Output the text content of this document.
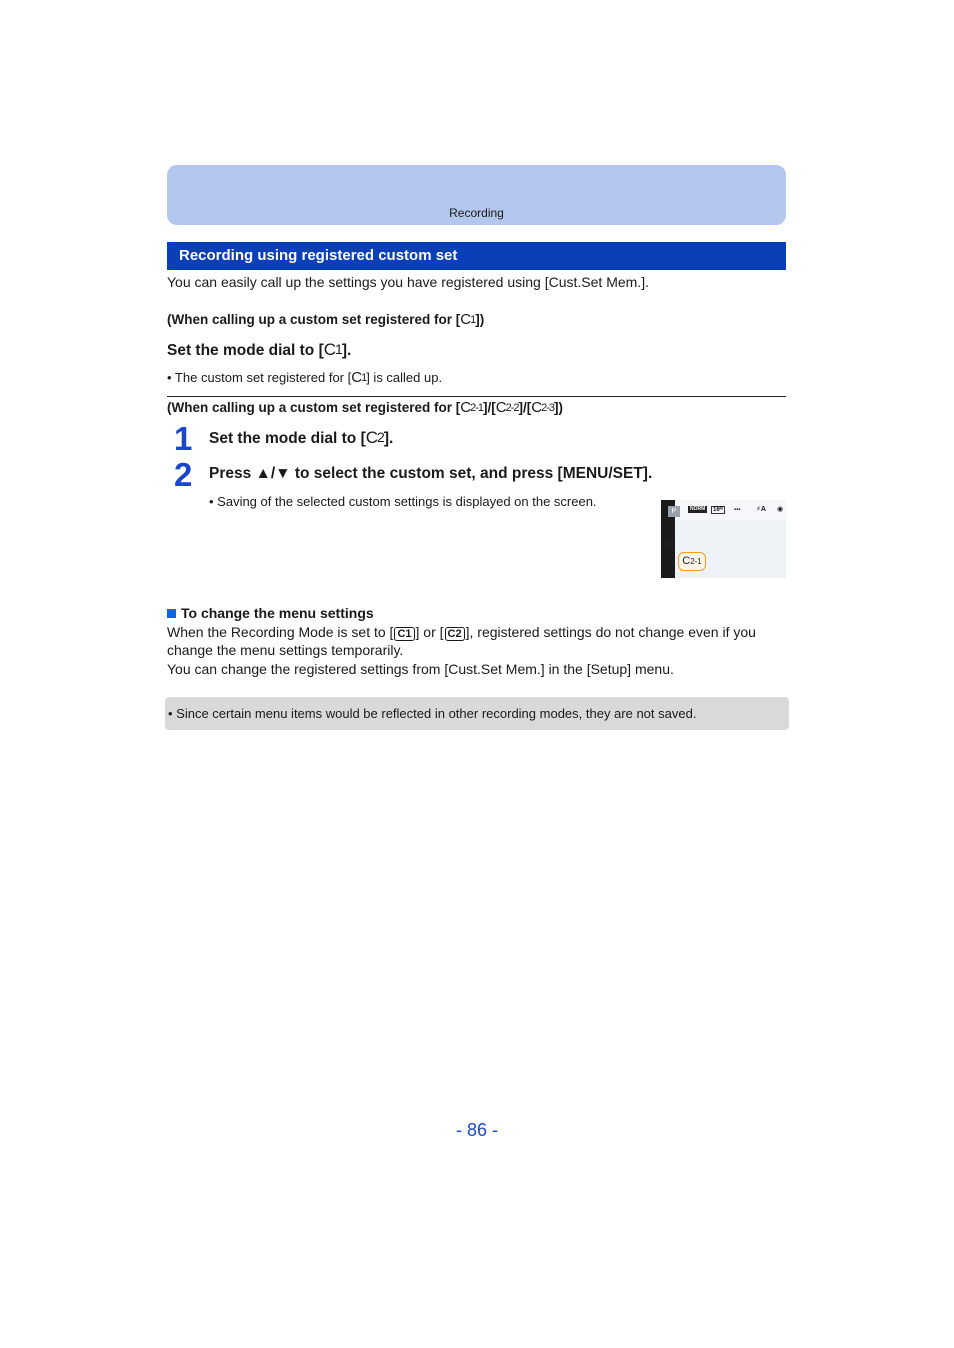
Recording
Recording using registered custom set
You can easily call up the settings you have registered using [Cust.Set Mem.].
(When calling up a custom set registered for [C1])
Set the mode dial to [C1].
• The custom set registered for [C1] is called up.
(When calling up a custom set registered for [C2-1]/[C2-2]/[C2-3])
1 Set the mode dial to [C2].
2 Press ▲/▼ to select the custom set, and press [MENU/SET].
• Saving of the selected custom settings is displayed on the screen.
P	NORM	16ᴹ	▪▪▪ ⚡A ◉
⊠
C2-1
To change the menu settings
When the Recording Mode is set to [ C1 ] or [ C2 ], registered settings do not change even if you
change the menu settings temporarily.
You can change the registered settings from [Cust.Set Mem.] in the [Setup] menu.
• Since certain menu items would be reflected in other recording modes, they are not saved.
- 86 -
